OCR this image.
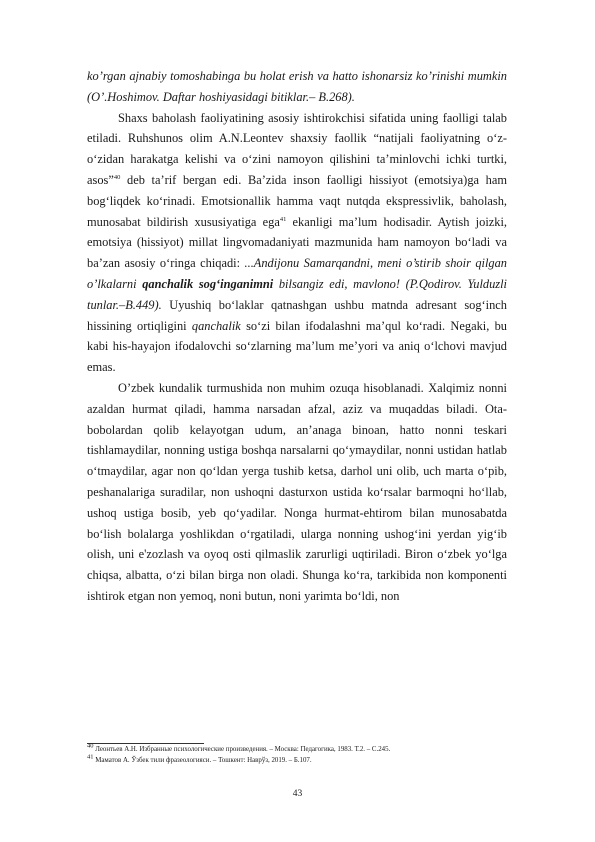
ko’rgan ajnabiy tomoshabinga bu holat erish va hatto ishonarsiz ko’rinishi mumkin (O’.Hoshimov. Daftar hoshiyasidagi bitiklar.– B.268).

Shaxs baholash faoliyatining asosiy ishtirokchisi sifatida uning faolligi talab etiladi. Ruhshunos olim A.N.Leontev shaxsiy faollik “natijali faoliyatning o‘z-o‘zidan harakatga kelishi va o‘zini namoyon qilishini ta’minlovchi ichki turtki, asos”$^{40}$ deb ta’rif bergan edi. Ba’zida inson faolligi hissiyot (emotsiya)ga ham bog‘liqdek ko‘rinadi. Emotsionallik hamma vaqt nutqda ekspressivlik, baholash, munosabat bildirish xususiyatiga ega$^{41}$ ekanligi ma’lum hodisadir. Aytish joizki, emotsiya (hissiyot) millat lingvomadaniyati mazmunida ham namoyon bo‘ladi va ba’zan asosiy o‘ringa chiqadi: ...Andijonu Samarqandni, meni o’stirib shoir qilgan o’lkalarni qanchalik sog‘inganimni bilsangiz edi, mavlono! (P.Qodirov. Yulduzli tunlar.–B.449). Uyushiq bo‘laklar qatnashgan ushbu matnda adresant sog‘inch hissining ortiqligini qanchalik so‘zi bilan ifodalashni ma’qul ko‘radi. Negaki, bu kabi his-hayajon ifodalovchi so‘zlarning ma’lum me’yori va aniq o‘lchovi mavjud emas.

O’zbek kundalik turmushida non muhim ozuqa hisoblanadi. Xalqimiz nonni azaldan hurmat qiladi, hamma narsadan afzal, aziz va muqaddas biladi. Ota-bobolardan qolib kelayotgan udum, an’anaga binoan, hatto nonni teskari tishlamaydilar, nonning ustiga boshqa narsalarni qo‘ymaydilar, nonni ustidan hatlab o‘tmaydilar, agar non qo‘ldan yerga tushib ketsa, darhol uni olib, uch marta o‘pib, peshanalariga suradilar, non ushoqni dasturxon ustida ko‘rsalar barmoqni ho‘llab, ushoq ustiga bosib, yeb qo‘yadilar. Nonga hurmat-ehtirom bilan munosabatda bo‘lish bolalarga yoshlikdan o‘rgatiladi, ularga nonning ushog‘ini yerdan yig‘ib olish, uni e'zozlash va oyoq osti qilmaslik zarurligi uqtiriladi. Biron o‘zbek yo‘lga chiqsa, albatta, o‘zi bilan birga non oladi. Shunga ko‘ra, tarkibida non komponenti ishtirok etgan non yemoq, noni butun, noni yarimta bo‘ldi, non

$^{40}$ Леонтьев А.Н. Избранные психологические произведения. – Москва: Педагогика, 1983. Т.2. – С.245.
$^{41}$ Маматов А. Ўзбек тили фразеологияси. – Тошкент: Наврўз, 2019. – Б.107.
43
